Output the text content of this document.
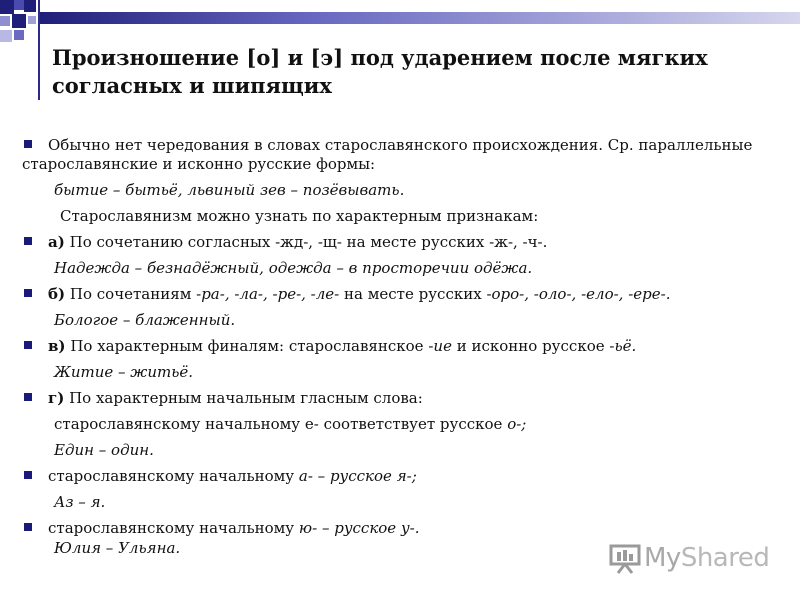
Произношение [о] и [э] под ударением после мягких согласных и шипящих

Обычно нет чередования в словах старославянского происхождения. Ср. параллельные старославянские и исконно русские формы:

бытие – бытьё, львиный зев – позёвывать.

Старославянизм можно узнать по характерным признакам:

а) По сочетанию согласных -жд-, -щ- на месте русских -ж-, -ч-.

Надежда – безнадёжный, одежда – в просторечии одёжа.

б) По сочетаниям -ра-, -ла-, -ре-, -ле- на месте русских -оро-, -оло-, -ело-, -ере-.

Бологое – блаженный.

в) По характерным финалям: старославянское -ие и исконно русское -ьё.

Житие – житьё.

г) По характерным начальным гласным слова:

старославянскому начальному е- соответствует русское о-;

Един – один.

старославянскому начальному а- – русское я-;

Аз – я.

старославянскому начальному ю- – русское у-.

Юлия – Ульяна.	MyShared
